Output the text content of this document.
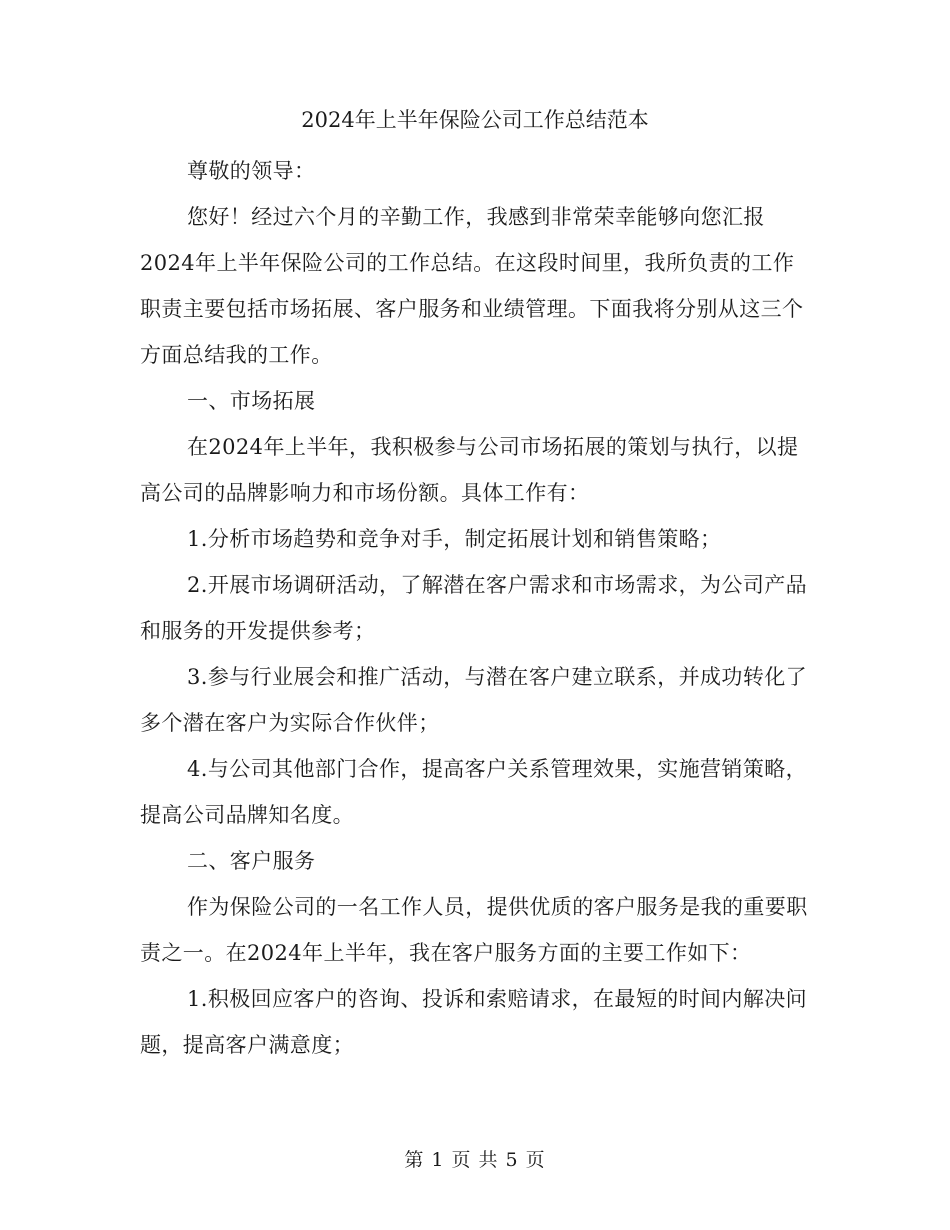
2024年上半年保险公司工作总结范本
尊敬的领导：
您好！经过六个月的辛勤工作，我感到非常荣幸能够向您汇报2024年上半年保险公司的工作总结。在这段时间里，我所负责的工作职责主要包括市场拓展、客户服务和业绩管理。下面我将分别从这三个方面总结我的工作。
一、市场拓展
在2024年上半年，我积极参与公司市场拓展的策划与执行，以提高公司的品牌影响力和市场份额。具体工作有：
1.分析市场趋势和竞争对手，制定拓展计划和销售策略；
2.开展市场调研活动，了解潜在客户需求和市场需求，为公司产品和服务的开发提供参考；
3.参与行业展会和推广活动，与潜在客户建立联系，并成功转化了多个潜在客户为实际合作伙伴；
4.与公司其他部门合作，提高客户关系管理效果，实施营销策略，提高公司品牌知名度。
二、客户服务
作为保险公司的一名工作人员，提供优质的客户服务是我的重要职责之一。在2024年上半年，我在客户服务方面的主要工作如下：
1.积极回应客户的咨询、投诉和索赔请求，在最短的时间内解决问题，提高客户满意度；
第 1 页 共 5 页
